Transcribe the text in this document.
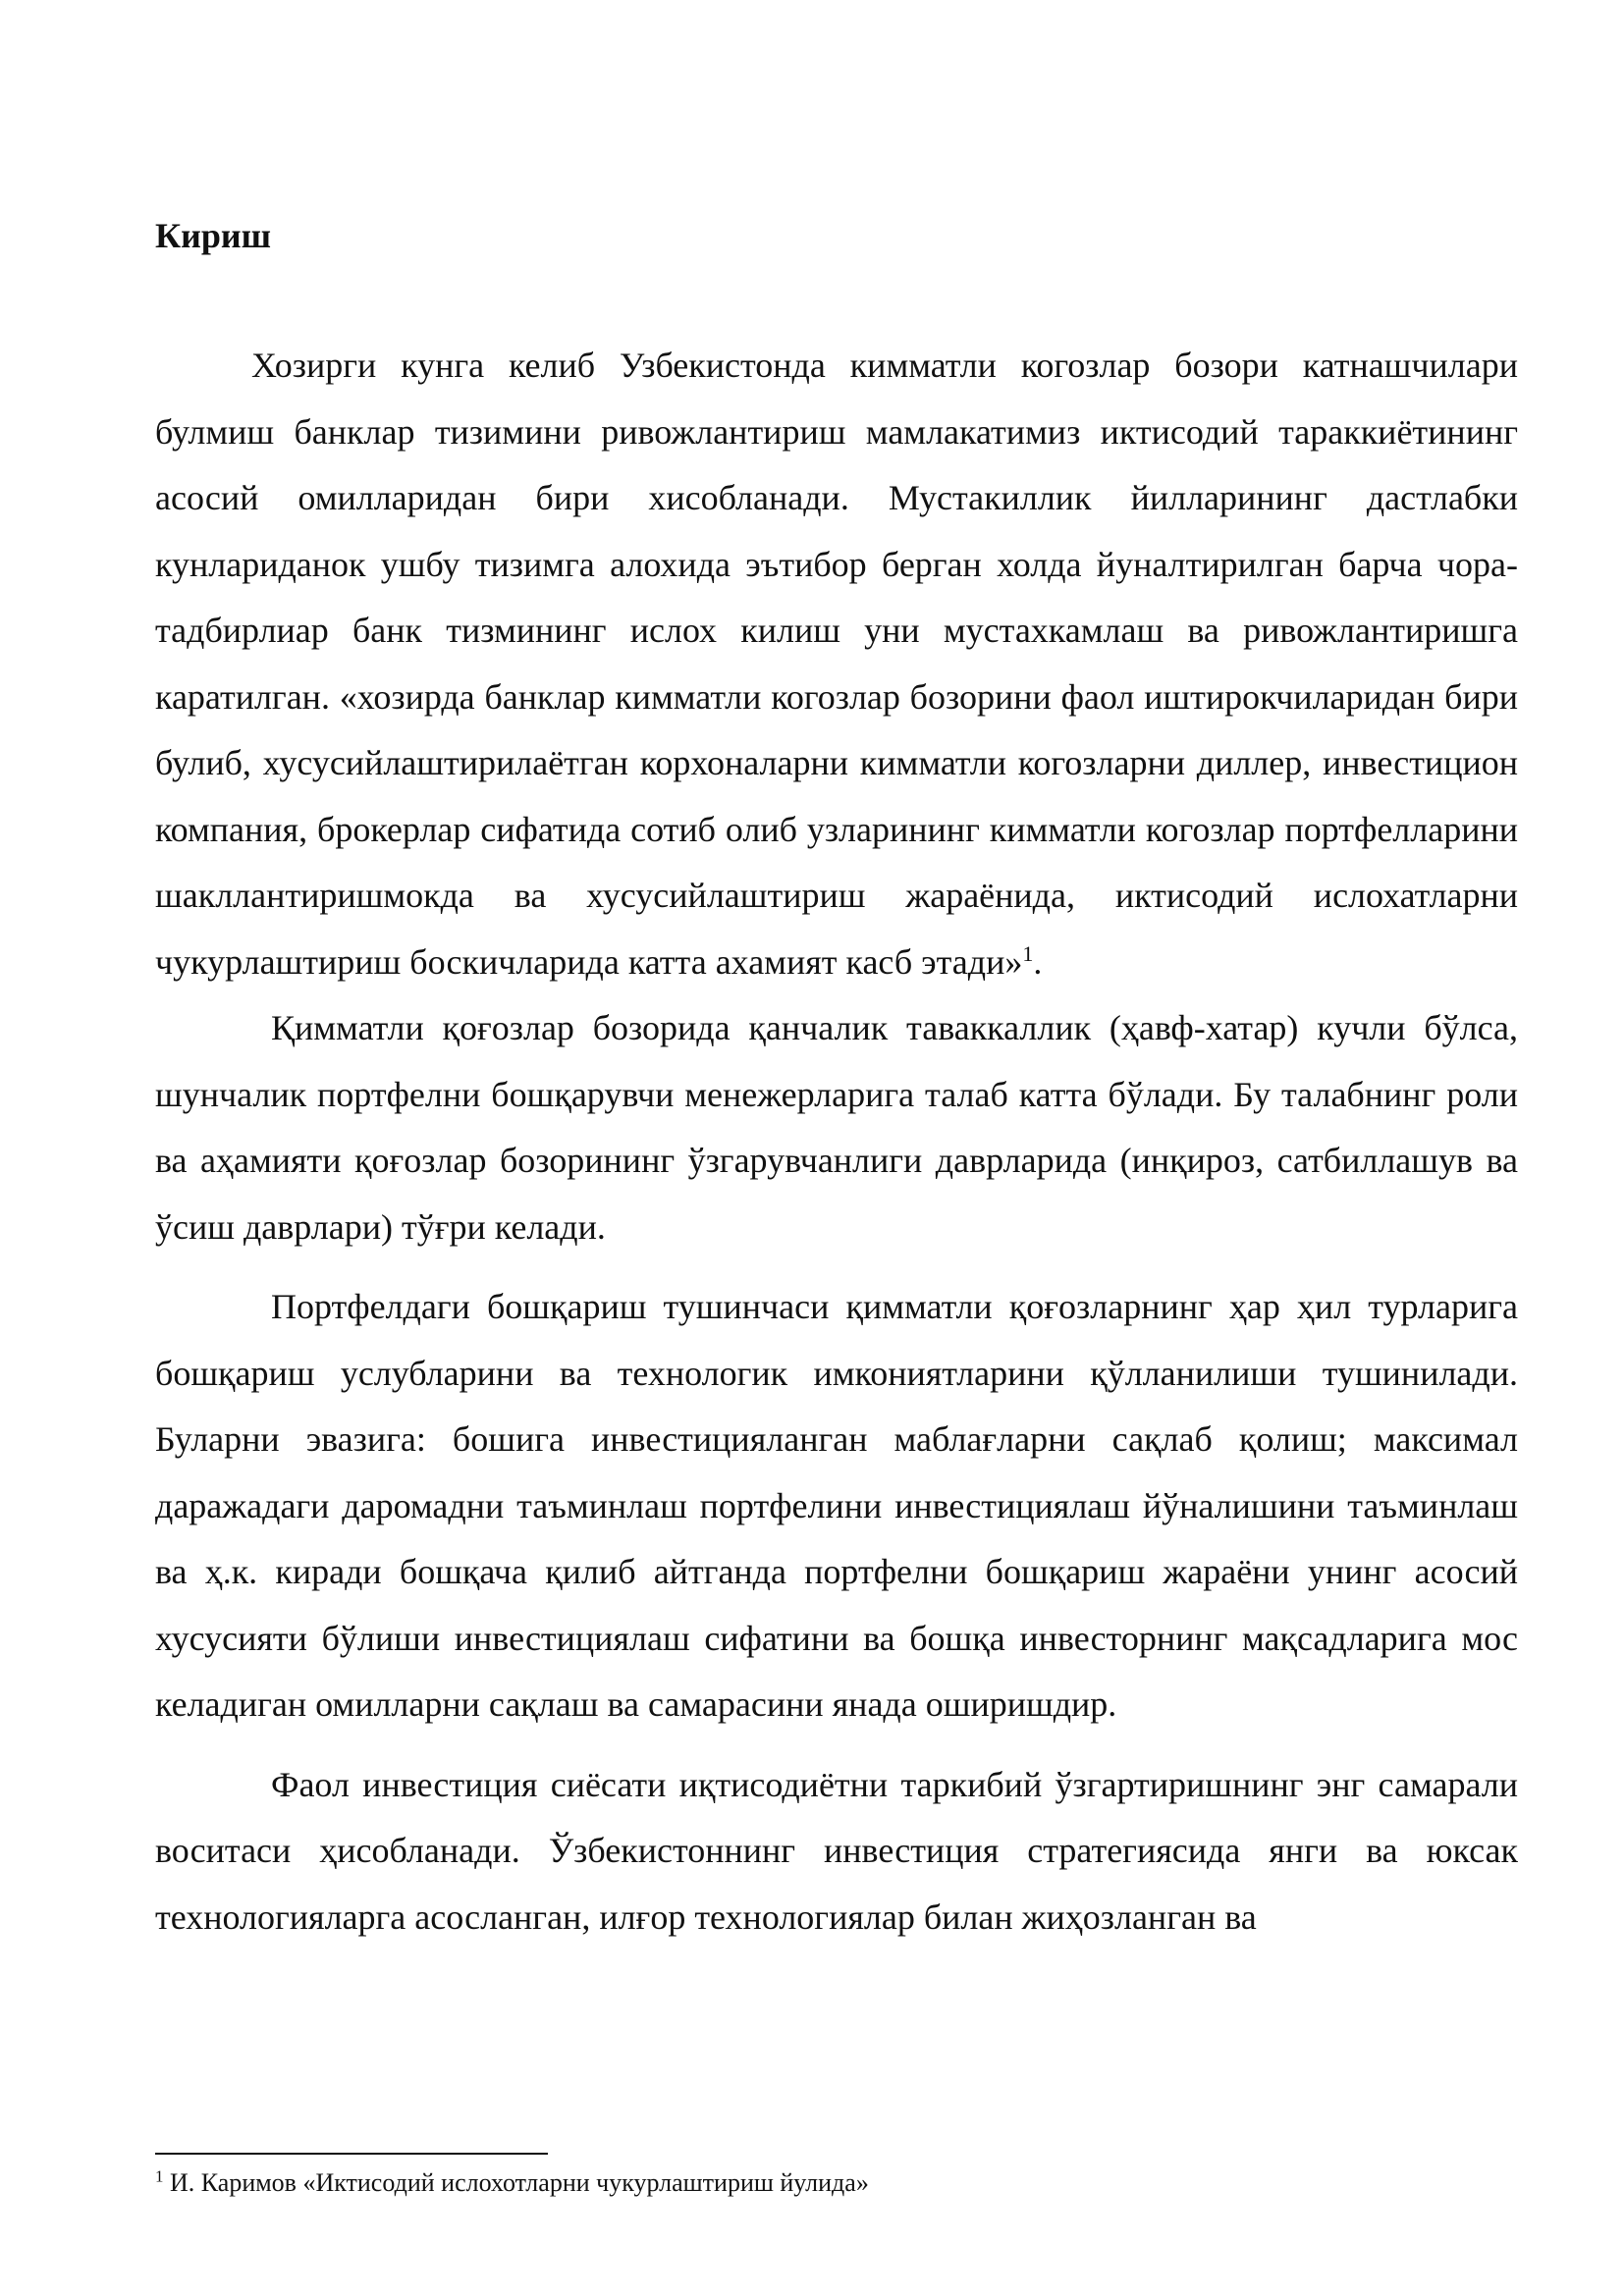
Кириш

Хозирги кунга келиб Узбекистонда кимматли когозлар бозори катнашчилари булмиш банклар тизимини ривожлантириш мамлакатимиз иктисодий тараккиётининг асосий омилларидан бири хисобланади. Мустакиллик йилларининг дастлабки кунлариданок ушбу тизимга алохида эътибор берган холда йуналтирилган барча чора-тадбирлиар банк тизмининг ислох килиш уни мустахкамлаш ва ривожлантиришга каратилган. «хозирда банклар кимматли когозлар бозорини фаол иштирокчиларидан бири булиб, хусусийлаштирилаётган корхоналарни кимматли когозларни диллер, инвестицион компания, брокерлар сифатида сотиб олиб узларининг кимматли когозлар портфелларини шакллантиришмокда ва хусусийлаштириш жараёнида, иктисодий ислохатларни чукурлаштириш боскичларида катта ахамият касб этади»$^1$.

Қимматли қоғозлар бозорида қанчалик таваккаллик (ҳавф-хатар) кучли бўлса, шунчалик портфелни бошқарувчи менежерларига талаб катта бўлади. Бу талабнинг роли ва аҳамияти қоғозлар бозорининг ўзгарувчанлиги даврларида (инқироз, сатбиллашув ва ўсиш даврлари) тўғри келади.

Портфелдаги бошқариш тушинчаси қимматли қоғозларнинг ҳар ҳил турларига бошқариш услубларини ва технологик имкониятларини қўлланилиши тушинилади. Буларни эвазига: бошига инвестицияланган маблағларни сақлаб қолиш; максимал даражадаги даромадни таъминлаш портфелини инвестициялаш йўналишини таъминлаш ва ҳ.к. киради бошқача қилиб айтганда портфелни бошқариш жараёни унинг асосий хусусияти бўлиши инвестициялаш сифатини ва бошқа инвесторнинг мақсадларига мос келадиган омилларни сақлаш ва самарасини янада оширишдир.

Фаол инвестиция сиёсати иқтисодиётни таркибий ўзгартиришнинг энг самарали воситаси ҳисобланади. Ўзбекистоннинг инвестиция стратегиясида янги ва юксак технологияларга асосланган, илғор технологиялар билан жиҳозланган ва

$^1$ И. Каримов «Иктисодий ислохотларни чукурлаштириш йулида»
